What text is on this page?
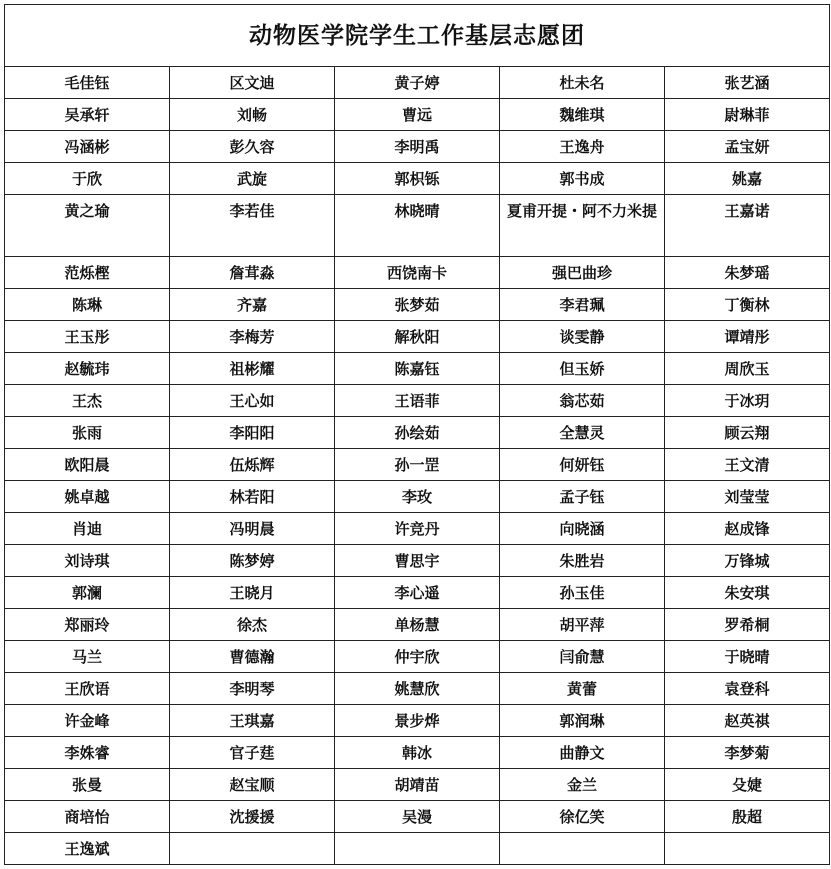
动物医学院学生工作基层志愿团				
毛佳钰	区文迪	黄子婷	杜未名	张艺涵
吴承轩	刘畅	曹远	魏维琪	尉琳菲
冯涵彬	彭久容	李明禹	王逸舟	孟宝妍
于欣	武旋	郭枳铄	郭书成	姚嘉
黄之瑜	李若佳	林晓晴	夏甫开提・阿不力米提	王嘉诺
范烁樫	詹茸淼	西饶南卡	强巴曲珍	朱梦瑶
陈琳	齐嘉	张梦茹	李君珮	丁衡林
王玉彤	李梅芳	解秋阳	谈雯静	谭靖彤
赵毓玮	祖彬耀	陈嘉钰	但玉娇	周欣玉
王杰	王心如	王语菲	翁芯茹	于冰玥
张雨	李阳阳	孙绘茹	全慧灵	顾云翔
欧阳晨	伍烁辉	孙一罡	何妍钰	王文清
姚卓越	林若阳	李玫	孟子钰	刘莹莹
肖迪	冯明晨	许竞丹	向晓涵	赵成锋
刘诗琪	陈梦婷	曹思宇	朱胜岩	万锋城
郭澜	王晓月	李心遥	孙玉佳	朱安琪
郑丽玲	徐杰	单杨慧	胡平萍	罗希桐
马兰	曹德瀚	仲宇欣	闫俞慧	于晓晴
王欣语	李明琴	姚慧欣	黄蕾	袁登科
许金峰	王琪嘉	景步烨	郭润琳	赵英祺
李姝睿	官子莛	韩冰	曲静文	李梦菊
张曼	赵宝顺	胡靖苗	金兰	殳婕
商培怡	沈援援	吴漫	徐亿笑	殷超
王逸斌				
